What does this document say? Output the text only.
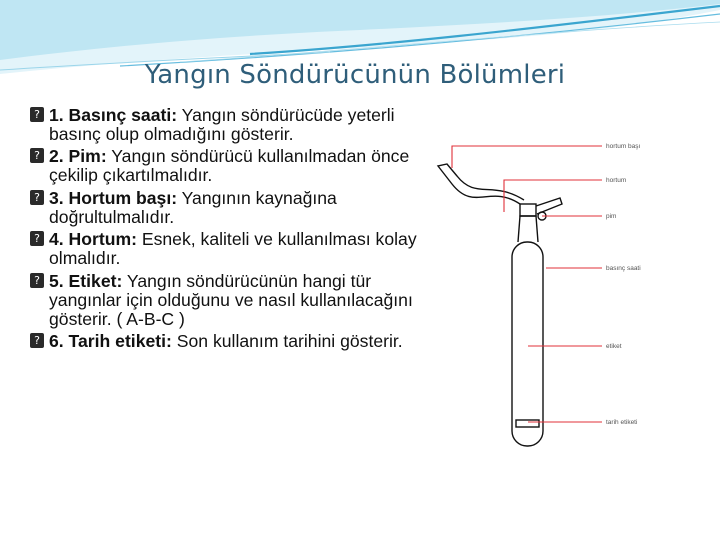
Yangın Söndürücünün Bölümleri
? 1. Basınç saati: Yangın söndürücüde yeterli basınç olup olmadığını gösterir.
? 2. Pim: Yangın söndürücü kullanılmadan önce çekilip çıkartılmalıdır.
? 3. Hortum başı: Yangının kaynağına doğrultulmalıdır.
? 4. Hortum: Esnek, kaliteli ve kullanılması kolay olmalıdır.
? 5. Etiket: Yangın söndürücünün hangi tür yangınlar için olduğunu ve nasıl kullanılacağını gösterir. ( A-B-C )
? 6. Tarih etiketi: Son kullanım tarihini gösterir.
hortum başı
hortum
pim
basınç saati
etiket
tarih etiketi
